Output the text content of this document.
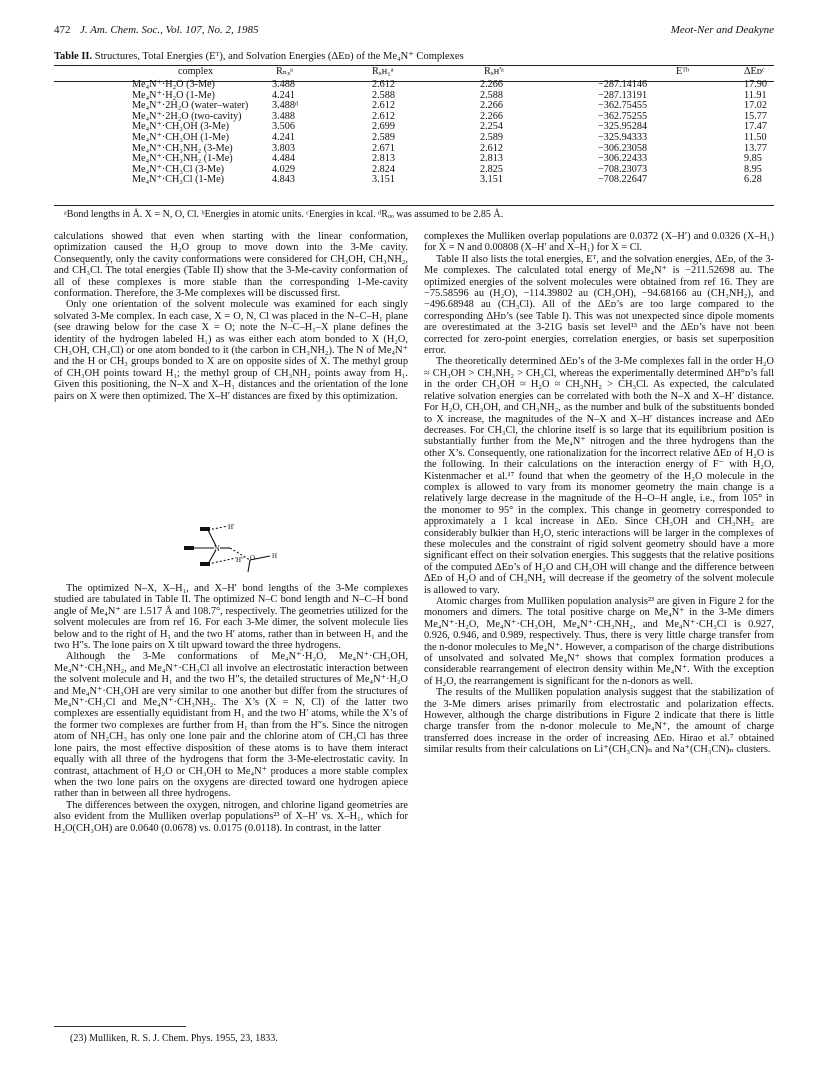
472 J. Am. Chem. Soc., Vol. 107, No. 2, 1985	Meot-Ner and Deakyne
Table II. Structures, Total Energies (Eᵀ), and Solvation Energies (ΔEᴅ) of the Me₄N⁺ Complexes
complex	Rₙₓᵃ	Rₓʜ₁ᵃ	Rₓʜ'ᵃ	Eᵀᵇ	ΔEᴅᶜ
Me₄N⁺·H₂O (3-Me)	3.488	2.612	2.266	−287.14146	17.90
Me₄N⁺·H₂O (1-Me)	4.241	2.588	2.588	−287.13191	11.91
Me₄N⁺·2H₂O (water–water)	3.488ᵈ	2.612	2.266	−362.75455	17.02
Me₄N⁺·2H₂O (two-cavity)	3.488	2.612	2.266	−362.75255	15.77
Me₄N⁺·CH₃OH (3-Me)	3.506	2.699	2.254	−325.95284	17.47
Me₄N⁺·CH₃OH (1-Me)	4.241	2.589	2.589	−325.94333	11.50
Me₄N⁺·CH₃NH₂ (3-Me)	3.803	2.671	2.612	−306.23058	13.77
Me₄N⁺·CH₃NH₂ (1-Me)	4.484	2.813	2.813	−306.22433	9.85
Me₄N⁺·CH₃Cl (3-Me)	4.029	2.824	2.825	−708.23073	8.95
Me₄N⁺·CH₃Cl (1-Me)	4.843	3.151	3.151	−708.22647	6.28
ᵃBond lengths in Å. X = N, O, Cl. ᵇEnergies in atomic units. ᶜEnergies in kcal. ᵈRₒₒ was assumed to be 2.85 Å.

calculations showed that even when starting with the linear conformation, optimization caused the H₂O group to move down into the 3-Me cavity. Consequently, only the cavity conformations were considered for CH₃OH, CH₃NH₂, and CH₃Cl. The total energies (Table II) show that the 3-Me-cavity conformation of all of these complexes is more stable than the corresponding 1-Me-cavity conformation. Therefore, the 3-Me complexes will be discussed first.

Only one orientation of the solvent molecule was examined for each singly solvated 3-Me complex. In each case, X = O, N, Cl was placed in the N–C–H₁ plane (see drawing below for the case X = O; note the N–C–H₁–X plane defines the identity of the hydrogen labeled H₁) as was either each atom bonded to X (H₂O, CH₃OH, CH₃Cl) or one atom bonded to it (the carbon in CH₃NH₂). The N of Me₄N⁺ and the H or CH₃ groups bonded to X are on opposite sides of X. The methyl group of CH₃OH points toward H₁; the methyl group of CH₃NH₂ points away from H₁. Given this positioning, the N–X and X–H₁ distances and the orientation of the lone pairs on X were then optimized. The X–H′ distances are fixed by this optimization.

H′
H″
N
O H

The optimized N–X, X–H₁, and X–H′ bond lengths of the 3-Me complexes studied are tabulated in Table II. The optimized N–C bond length and N–C–H bond angle of Me₄N⁺ are 1.517 Å and 108.7°, respectively. The geometries utilized for the solvent molecules are from ref 16. For each 3-Me dimer, the solvent molecule lies below and to the right of H₁ and the two H′ atoms, rather than in between H₁ and the two H″s. The lone pairs on X tilt upward toward the three hydrogens.

Although the 3-Me conformations of Me₄N⁺·H₂O, Me₄N⁺·CH₃OH, Me₄N⁺·CH₃NH₂, and Me₄N⁺·CH₃Cl all involve an electrostatic interaction between the solvent molecule and H₁ and the two H″s, the detailed structures of Me₄N⁺·H₂O and Me₄N⁺·CH₃OH are very similar to one another but differ from the structures of Me₄N⁺·CH₃Cl and Me₄N⁺·CH₃NH₂. The X’s (X = N, Cl) of the latter two complexes are essentially equidistant from H₁ and the two H′ atoms, while the X’s of the former two complexes are further from H₁ than from the H″s. Since the nitrogen atom of NH₂CH₃ has only one lone pair and the chlorine atom of CH₃Cl has three lone pairs, the most effective disposition of these atoms is to have them interact equally with all three of the hydrogens that form the 3-Me-electrostatic cavity. In contrast, attachment of H₂O or CH₃OH to Me₄N⁺ produces a more stable complex when the two lone pairs on the oxygens are directed toward one hydrogen apiece rather than in between all three hydrogens.

The differences between the oxygen, nitrogen, and chlorine ligand geometries are also evident from the Mulliken overlap populations²³ of X–H′ vs. X–H₁, which for H₂O(CH₃OH) are 0.0640 (0.0678) vs. 0.0175 (0.0118). In contrast, in the latter

complexes the Mulliken overlap populations are 0.0372 (X–H′) and 0.0326 (X–H₁) for X = N and 0.00808 (X–H′ and X–H₁) for X = Cl.

Table II also lists the total energies, Eᵀ, and the solvation energies, ΔEᴅ, of the 3-Me complexes. The calculated total energy of Me₄N⁺ is −211.52698 au. The optimized energies of the solvent molecules were obtained from ref 16. They are −75.58596 au (H₂O), −114.39802 au (CH₃OH), −94.68166 au (CH₃NH₂), and −496.68948 au (CH₃Cl). All of the ΔEᴅ’s are too large compared to the corresponding ΔHᴅ’s (see Table I). This was not unexpected since dipole moments are overestimated at the 3-21G basis set level¹³ and the ΔEᴅ’s have not been corrected for zero-point energies, correlation energies, or basis set superposition error.

The theoretically determined ΔEᴅ’s of the 3-Me complexes fall in the order H₂O ≈ CH₃OH > CH₃NH₂ > CH₃Cl, whereas the experimentally determined ΔH°ᴅ’s fall in the order CH₃OH ≈ H₂O ≈ CH₃NH₂ > CH₃Cl. As expected, the calculated relative solvation energies can be correlated with both the N–X and X–H′ distance. For H₂O, CH₃OH, and CH₃NH₂, as the number and bulk of the substituents bonded to X increase, the magnitudes of the N–X and X–H′ distances increase and ΔEᴅ decreases. For CH₃Cl, the chlorine itself is so large that its equilibrium position is substantially further from the Me₄N⁺ nitrogen and the three hydrogens than the other X’s. Consequently, one rationalization for the incorrect relative ΔEᴅ of H₂O is the following. In their calculations on the interaction energy of F⁻ with H₂O, Kistenmacher et al.¹⁷ found that when the geometry of the H₂O molecule in the complex is allowed to vary from its monomer geometry the main change is a relatively large decrease in the magnitude of the H–O–H angle, i.e., from 105° in the monomer to 95° in the complex. This change in geometry corresponded to approximately a 1 kcal increase in ΔEᴅ. Since CH₃OH and CH₃NH₂ are considerably bulkier than H₂O, steric interactions will be larger in the complexes of these molecules and the constraint of rigid solvent geometry should have a more significant effect on their solvation energies. This suggests that the relative positions of the computed ΔEᴅ’s of H₂O and CH₃OH will change and the difference between ΔEᴅ of H₂O and of CH₃NH₂ will decrease if the geometry of the solvent molecule is allowed to vary.

Atomic charges from Mulliken population analysis²³ are given in Figure 2 for the monomers and dimers. The total positive charge on Me₄N⁺ in the 3-Me dimers Me₄N⁺·H₂O, Me₄N⁺·CH₃OH, Me₄N⁺·CH₃NH₂, and Me₄N⁺·CH₃Cl is 0.927, 0.926, 0.946, and 0.989, respectively. Thus, there is very little charge transfer from the n-donor molecules to Me₄N⁺. However, a comparison of the charge distributions of unsolvated and solvated Me₄N⁺ shows that complex formation produces a considerable rearrangement of electron density within Me₄N⁺. With the exception of H₂O, the rearrangement is significant for the n-donors as well.

The results of the Mulliken population analysis suggest that the stabilization of the 3-Me dimers arises primarily from electrostatic and polarization effects. However, although the charge distributions in Figure 2 indicate that there is little charge transfer from the n-donor molecule to Me₄N⁺, the amount of charge transferred does increase in the order of increasing ΔEᴅ. Hirao et al.⁷ obtained similar results from their calculations on Li⁺(CH₃CN)ₙ and Na⁺(CH₃CN)ₙ clusters.

(23) Mulliken, R. S. J. Chem. Phys. 1955, 23, 1833.
